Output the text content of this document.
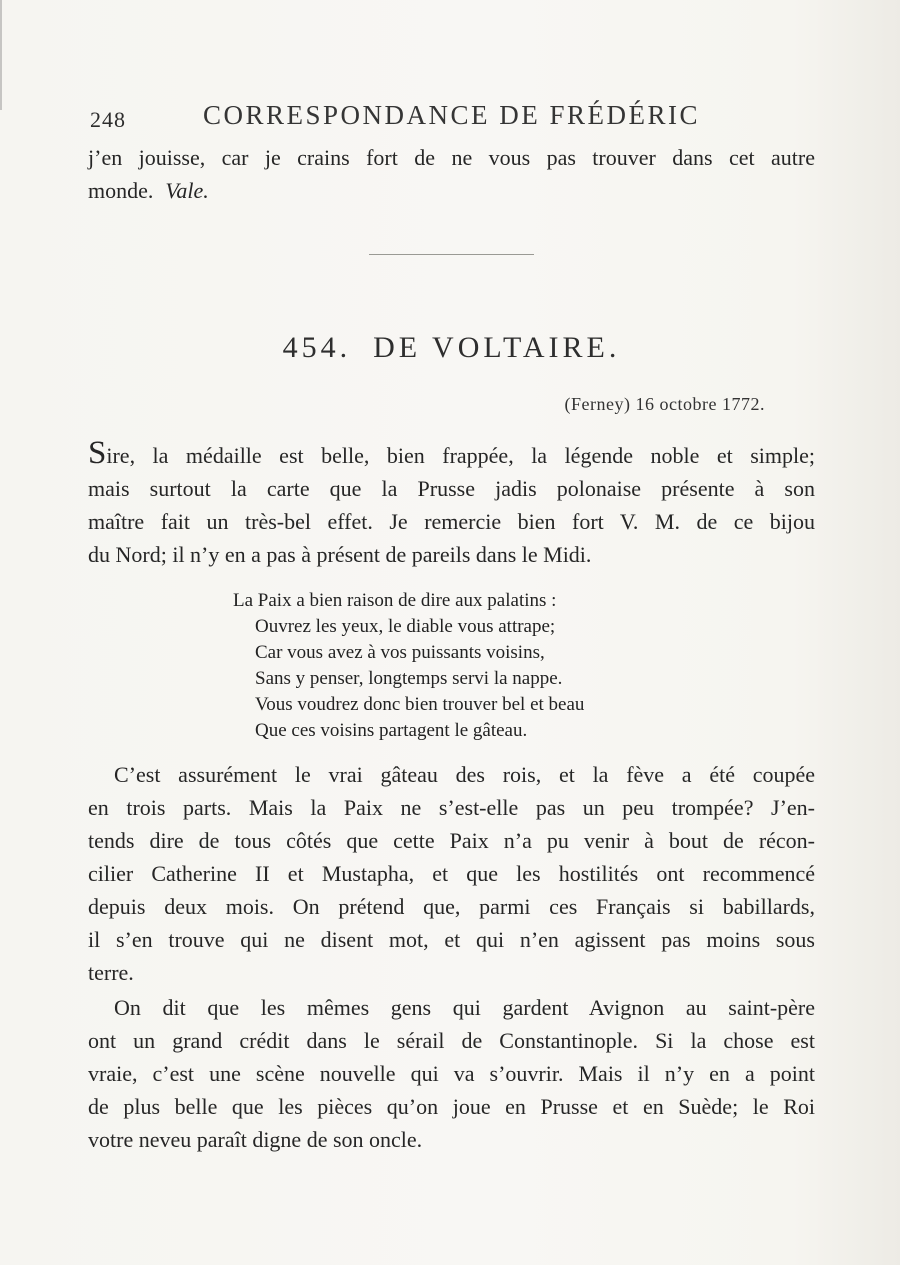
248	CORRESPONDANCE DE FRÉDÉRIC
j’en jouisse, car je crains fort de ne vous pas trouver dans cet autre
monde. Vale.
454. DE VOLTAIRE.
(Ferney) 16 octobre 1772.
Sire, la médaille est belle, bien frappée, la légende noble et simple;
mais surtout la carte que la Prusse jadis polonaise présente à son
maître fait un très-bel effet. Je remercie bien fort V. M. de ce bijou
du Nord; il n’y en a pas à présent de pareils dans le Midi.
La Paix a bien raison de dire aux palatins :
Ouvrez les yeux, le diable vous attrape;
Car vous avez à vos puissants voisins,
Sans y penser, longtemps servi la nappe.
Vous voudrez donc bien trouver bel et beau
Que ces voisins partagent le gâteau.
C’est assurément le vrai gâteau des rois, et la fève a été coupée
en trois parts. Mais la Paix ne s’est-elle pas un peu trompée? J’en-
tends dire de tous côtés que cette Paix n’a pu venir à bout de récon-
cilier Catherine II et Mustapha, et que les hostilités ont recommencé
depuis deux mois. On prétend que, parmi ces Français si babillards,
il s’en trouve qui ne disent mot, et qui n’en agissent pas moins sous
terre.
On dit que les mêmes gens qui gardent Avignon au saint-père
ont un grand crédit dans le sérail de Constantinople. Si la chose est
vraie, c’est une scène nouvelle qui va s’ouvrir. Mais il n’y en a point
de plus belle que les pièces qu’on joue en Prusse et en Suède; le Roi
votre neveu paraît digne de son oncle.
